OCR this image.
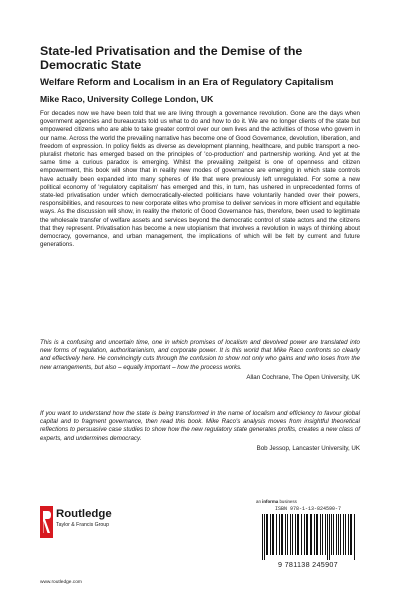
State-led Privatisation and the Demise of the Democratic State
Welfare Reform and Localism in an Era of Regulatory Capitalism
Mike Raco, University College London, UK

For decades now we have been told that we are living through a governance revolution. Gone are the days when government agencies and bureaucrats told us what to do and how to do it. We are no longer clients of the state but empowered citizens who are able to take greater control over our own lives and the activities of those who govern in our name. Across the world the prevailing narrative has become one of Good Governance, devolution, liberation, and freedom of expression. In policy fields as diverse as development planning, healthcare, and public transport a neo-pluralist rhetoric has emerged based on the principles of 'co-production' and partnership working. And yet at the same time a curious paradox is emerging. Whilst the prevailing zeitgeist is one of openness and citizen empowerment, this book will show that in reality new modes of governance are emerging in which state controls have actually been expanded into many spheres of life that were previously left unregulated. For some a new political economy of 'regulatory capitalism' has emerged and this, in turn, has ushered in unprecedented forms of state-led privatisation under which democratically-elected politicians have voluntarily handed over their powers, responsibilities, and resources to new corporate elites who promise to deliver services in more efficient and equitable ways. As the discussion will show, in reality the rhetoric of Good Governance has, therefore, been used to legitimate the wholesale transfer of welfare assets and services beyond the democratic control of state actors and the citizens that they represent. Privatisation has become a new utopianism that involves a revolution in ways of thinking about democracy, governance, and urban management, the implications of which will be felt by current and future generations.

This is a confusing and uncertain time, one in which promises of localism and devolved power are translated into new forms of regulation, authoritarianism, and corporate power. It is this world that Mike Raco confronts so clearly and effectively here. He convincingly cuts through the confusion to show not only who gains and who loses from the new arrangements, but also – equally important – how the process works.

Allan Cochrane, The Open University, UK

If you want to understand how the state is being transformed in the name of localism and efficiency to favour global capital and to fragment governance, then read this book. Mike Raco's analysis moves from insightful theoretical reflections to persuasive case studies to show how the new regulatory state generates profits, creates a new class of experts, and undermines democracy.

Bob Jessop, Lancaster University, UK

an informa business
ISBN 978-1-13-824590-7
9 781138 245907
Routledge
Taylor & Francis Group
www.routledge.com
